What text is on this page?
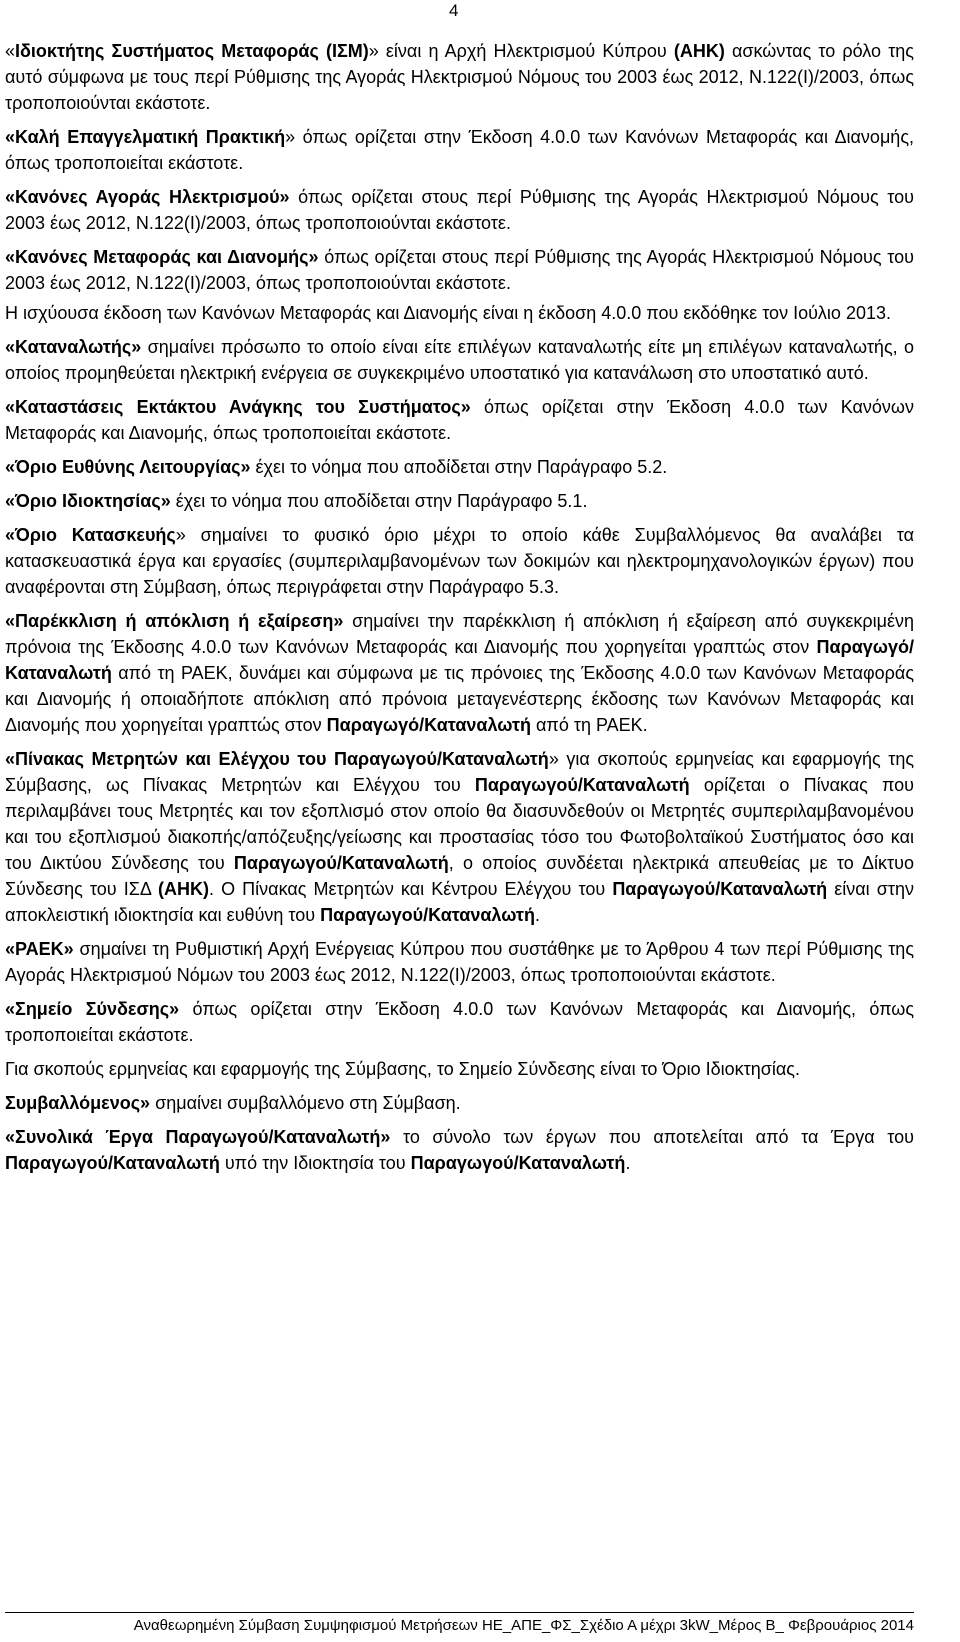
4

«Ιδιοκτήτης Συστήματος Μεταφοράς (ΙΣΜ)» είναι η Αρχή Ηλεκτρισμού Κύπρου (ΑΗΚ) ασκώντας το ρόλο της αυτό σύμφωνα με τους περί Ρύθμισης της Αγοράς Ηλεκτρισμού Νόμους του 2003 έως 2012, Ν.122(Ι)/2003, όπως τροποποιούνται εκάστοτε.

«Καλή Επαγγελματική Πρακτική» όπως ορίζεται στην Έκδοση 4.0.0 των Κανόνων Μεταφοράς και Διανομής, όπως τροποποιείται εκάστοτε.

«Κανόνες Αγοράς Ηλεκτρισμού» όπως ορίζεται στους περί Ρύθμισης της Αγοράς Ηλεκτρισμού Νόμους του 2003 έως 2012, Ν.122(Ι)/2003, όπως τροποποιούνται εκάστοτε.

«Κανόνες Μεταφοράς και Διανομής» όπως ορίζεται στους περί Ρύθμισης της Αγοράς Ηλεκτρισμού Νόμους του 2003 έως 2012, Ν.122(Ι)/2003, όπως τροποποιούνται εκάστοτε.

Η ισχύουσα έκδοση των Κανόνων Μεταφοράς και Διανομής είναι η έκδοση 4.0.0 που εκδόθηκε τον Ιούλιο 2013.

«Καταναλωτής» σημαίνει πρόσωπο το οποίο είναι είτε επιλέγων καταναλωτής είτε μη επιλέγων καταναλωτής, ο οποίος προμηθεύεται ηλεκτρική ενέργεια σε συγκεκριμένο υποστατικό για κατανάλωση στο υποστατικό αυτό.

«Καταστάσεις Εκτάκτου Ανάγκης του Συστήματος» όπως ορίζεται στην Έκδοση 4.0.0 των Κανόνων Μεταφοράς και Διανομής, όπως τροποποιείται εκάστοτε.

«Όριο Ευθύνης Λειτουργίας» έχει το νόημα που αποδίδεται στην Παράγραφο 5.2.

«Όριο Ιδιοκτησίας» έχει το νόημα που αποδίδεται στην Παράγραφο 5.1.

«Όριο Κατασκευής» σημαίνει το φυσικό όριο μέχρι το οποίο κάθε Συμβαλλόμενος θα αναλάβει τα κατασκευαστικά έργα και εργασίες (συμπεριλαμβανομένων των δοκιμών και ηλεκτρομηχανολογικών έργων) που αναφέρονται στη Σύμβαση, όπως περιγράφεται στην Παράγραφο 5.3.

«Παρέκκλιση ή απόκλιση ή εξαίρεση» σημαίνει την παρέκκλιση ή απόκλιση ή εξαίρεση από συγκεκριμένη πρόνοια της Έκδοσης 4.0.0 των Κανόνων Μεταφοράς και Διανομής που χορηγείται γραπτώς στον Παραγωγό/Καταναλωτή από τη ΡΑΕΚ, δυνάμει και σύμφωνα με τις πρόνοιες της Έκδοσης 4.0.0 των Κανόνων Μεταφοράς και Διανομής ή οποιαδήποτε απόκλιση από πρόνοια μεταγενέστερης έκδοσης των Κανόνων Μεταφοράς και Διανομής που χορηγείται γραπτώς στον Παραγωγό/Καταναλωτή από τη ΡΑΕΚ.

«Πίνακας Μετρητών και Ελέγχου του Παραγωγού/Καταναλωτή» για σκοπούς ερμηνείας και εφαρμογής της Σύμβασης, ως Πίνακας Μετρητών και Ελέγχου του Παραγωγού/Καταναλωτή ορίζεται ο Πίνακας που περιλαμβάνει τους Μετρητές και τον εξοπλισμό στον οποίο θα διασυνδεθούν οι Μετρητές συμπεριλαμβανομένου και του εξοπλισμού διακοπής/απόζευξης/γείωσης και προστασίας τόσο του Φωτοβολταϊκού Συστήματος όσο και του Δικτύου Σύνδεσης του Παραγωγού/Καταναλωτή, ο οποίος συνδέεται ηλεκτρικά απευθείας με το Δίκτυο Σύνδεσης του ΙΣΔ (ΑΗΚ). Ο Πίνακας Μετρητών και Κέντρου Ελέγχου του Παραγωγού/Καταναλωτή είναι στην αποκλειστική ιδιοκτησία και ευθύνη του Παραγωγού/Καταναλωτή.

«ΡΑΕΚ» σημαίνει τη Ρυθμιστική Αρχή Ενέργειας Κύπρου που συστάθηκε με το Άρθρου 4 των περί Ρύθμισης της Αγοράς Ηλεκτρισμού Νόμων του 2003 έως 2012, Ν.122(Ι)/2003, όπως τροποποιούνται εκάστοτε.

«Σημείο Σύνδεσης» όπως ορίζεται στην Έκδοση 4.0.0 των Κανόνων Μεταφοράς και Διανομής, όπως τροποποιείται εκάστοτε.

Για σκοπούς ερμηνείας και εφαρμογής της Σύμβασης, το Σημείο Σύνδεσης είναι το Όριο Ιδιοκτησίας.

Συμβαλλόμενος» σημαίνει συμβαλλόμενο στη Σύμβαση.

«Συνολικά Έργα Παραγωγού/Καταναλωτή» το σύνολο των έργων που αποτελείται από τα Έργα του Παραγωγού/Καταναλωτή υπό την Ιδιοκτησία του Παραγωγού/Καταναλωτή.

Αναθεωρημένη Σύμβαση Συμψηφισμού Μετρήσεων ΗΕ_ΑΠΕ_ΦΣ_Σχέδιο Α μέχρι 3kW_Μέρος Β_ Φεβρουάριος 2014
